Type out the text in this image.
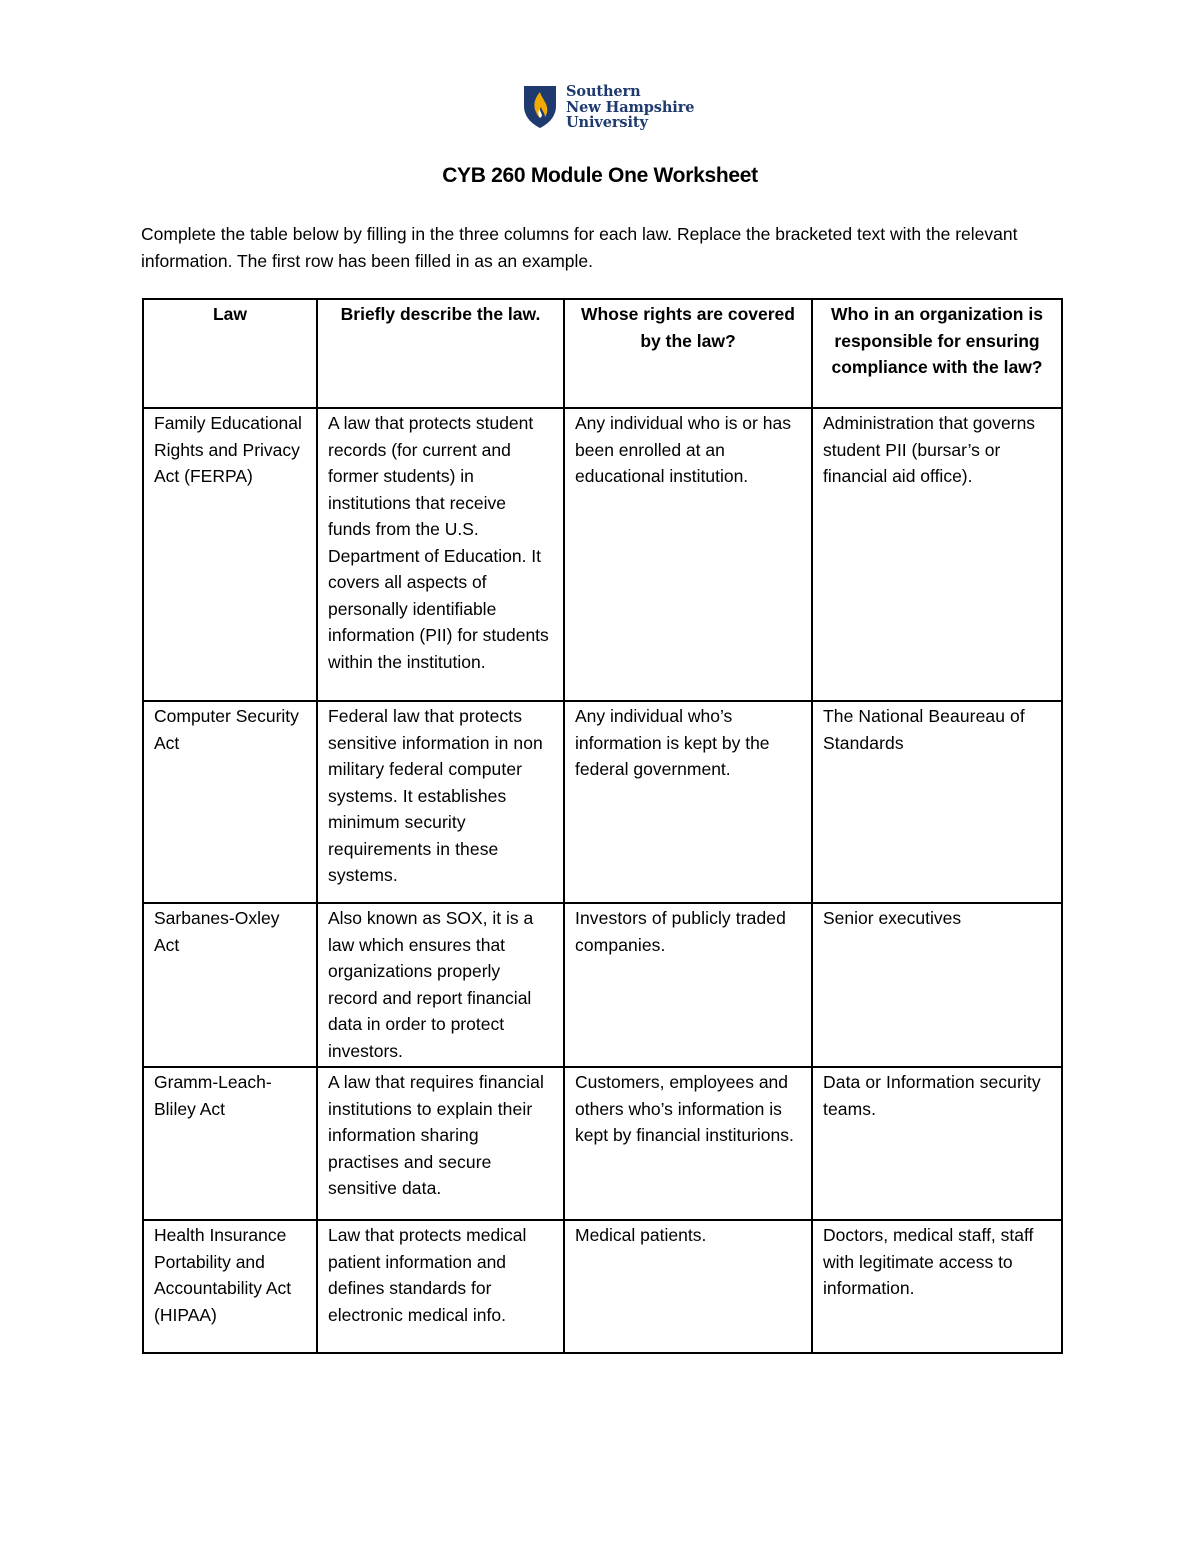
Southern
New Hampshire
University
CYB 260 Module One Worksheet

Complete the table below by filling in the three columns for each law. Replace the bracketed text with the relevant information. The first row has been filled in as an example.

Law	Briefly describe the law.	Whose rights are covered by the law?	Who in an organization is responsible for ensuring compliance with the law?
Family Educational Rights and Privacy Act (FERPA)	A law that protects student records (for current and former students) in institutions that receive funds from the U.S. Department of Education. It covers all aspects of personally identifiable information (PII) for students within the institution.	Any individual who is or has been enrolled at an educational institution.	Administration that governs student PII (bursar’s or financial aid office).
Computer Security Act	Federal law that protects sensitive information in non military federal computer systems. It establishes minimum security requirements in these systems.	Any individual who’s information is kept by the federal government.	The National Beaureau of Standards
Sarbanes-Oxley Act	Also known as SOX, it is a law which ensures that organizations properly record and report financial data in order to protect investors.	Investors of publicly traded companies.	Senior executives
Gramm-Leach-Bliley Act	A law that requires financial institutions to explain their information sharing practises and secure sensitive data.	Customers, employees and others who’s information is kept by financial institurions.	Data or Information security teams.
Health Insurance Portability and Accountability Act (HIPAA)	Law that protects medical patient information and defines standards for electronic medical info.	Medical patients.	Doctors, medical staff, staff with legitimate access to information.
